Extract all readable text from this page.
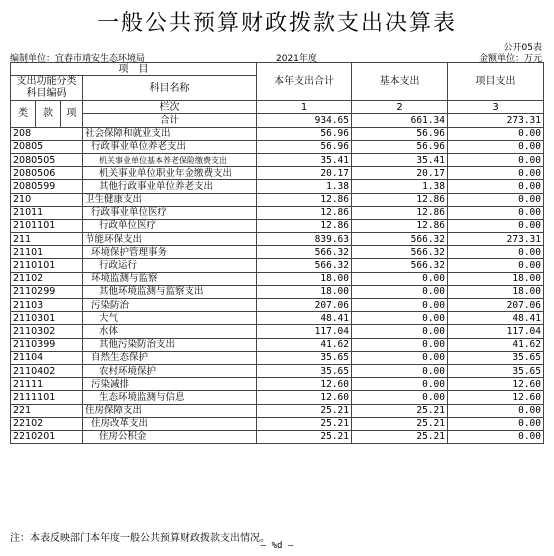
一般公共预算财政拨款支出决算表
公开05表
编制单位：宜春市靖安生态环境局	2021年度	金额单位：万元
项　目				本年支出合计	基本支出	项目支出
支出功能分类科目编码			科目名称			

类	款	项				
			栏次	1	2	3
			合计	934.65	661.34	273.31
208			社会保障和就业支出	56.96	56.96	0.00
20805			行政事业单位养老支出	56.96	56.96	0.00
2080505			机关事业单位基本养老保险缴费支出	35.41	35.41	0.00
2080506			机关事业单位职业年金缴费支出	20.17	20.17	0.00
2080599			其他行政事业单位养老支出	1.38	1.38	0.00
210			卫生健康支出	12.86	12.86	0.00
21011			行政事业单位医疗	12.86	12.86	0.00
2101101			行政单位医疗	12.86	12.86	0.00
211			节能环保支出	839.63	566.32	273.31
21101			环境保护管理事务	566.32	566.32	0.00
2110101			行政运行	566.32	566.32	0.00
21102			环境监测与监察	18.00	0.00	18.00
2110299			其他环境监测与监察支出	18.00	0.00	18.00
21103			污染防治	207.06	0.00	207.06
2110301			大气	48.41	0.00	48.41
2110302			水体	117.04	0.00	117.04
2110399			其他污染防治支出	41.62	0.00	41.62
21104			自然生态保护	35.65	0.00	35.65
2110402			农村环境保护	35.65	0.00	35.65
21111			污染减排	12.60	0.00	12.60
2111101			生态环境监测与信息	12.60	0.00	12.60
221			住房保障支出	25.21	25.21	0.00
22102			住房改革支出	25.21	25.21	0.00
2210201			住房公积金	25.21	25.21	0.00
注：本表反映部门本年度一般公共预算财政拨款支出情况。
— %d —
